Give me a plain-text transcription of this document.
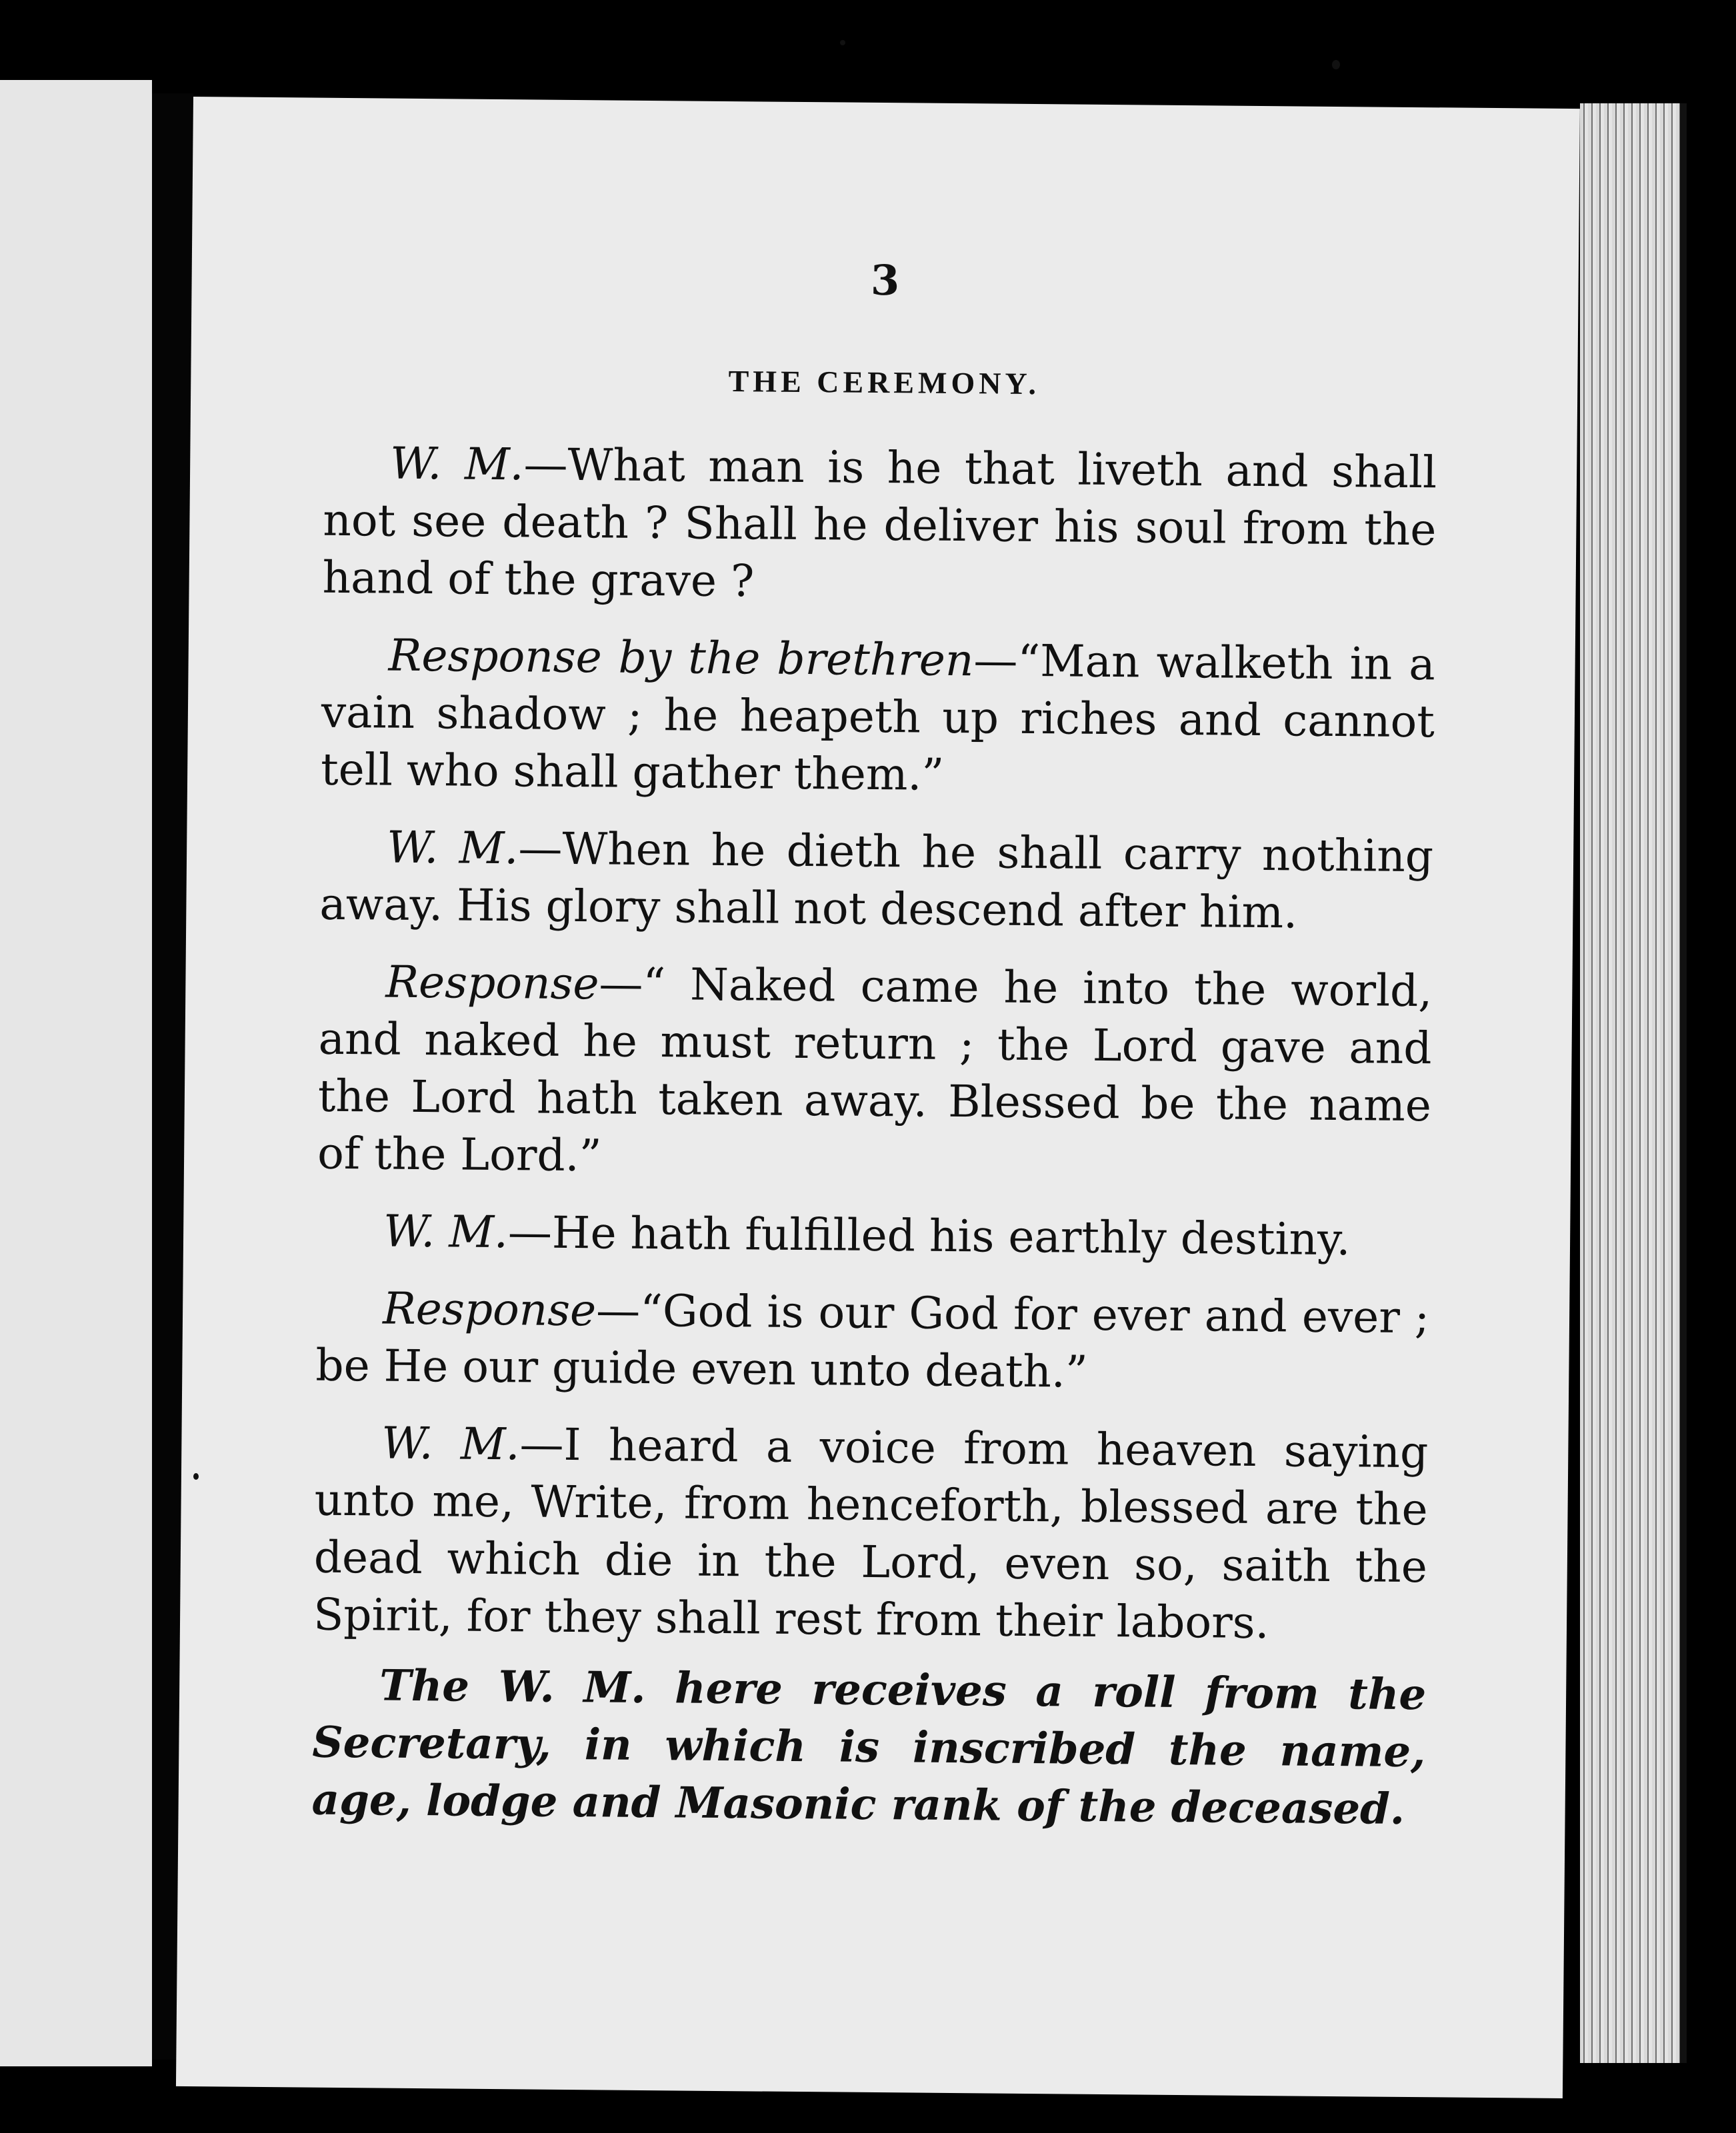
3
THE CEREMONY.

W. M.—What man is he that liveth and shall not see death ? Shall he deliver his soul from the hand of the grave ?

Response by the brethren—“Man walketh in a vain shadow ; he heapeth up riches and cannot tell who shall gather them.”

W. M.—When he dieth he shall carry nothing away. His glory shall not descend after him.

Response—“ Naked came he into the world, and naked he must return ; the Lord gave and the Lord hath taken away. Blessed be the name of the Lord.”

W. M.—He hath fulfilled his earthly destiny.

Response—“God is our God for ever and ever ; be He our guide even unto death.”

W. M.—I heard a voice from heaven saying unto me, Write, from henceforth, blessed are the dead which die in the Lord, even so, saith the Spirit, for they shall rest from their labors.

The W. M. here receives a roll from the Secretary, in which is inscribed the name, age, lodge and Masonic rank of the deceased.
